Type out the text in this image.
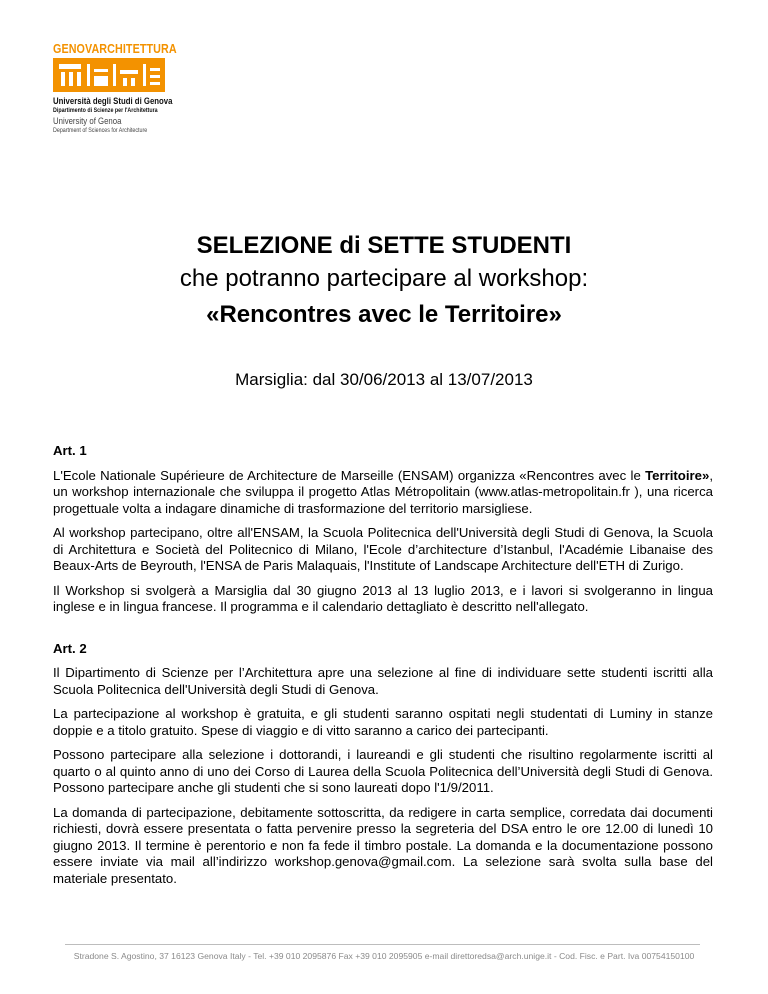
GENOVARCHITETTURA
Università degli Studi di Genova
Dipartimento di Scienze per l'Architettura
University of Genoa
Department of Sciences for Architecture
SELEZIONE di SETTE STUDENTI
che potranno partecipare al workshop:
«Rencontres avec le Territoire»
Marsiglia: dal 30/06/2013 al 13/07/2013
Art. 1

L'Ecole Nationale Supérieure de Architecture de Marseille (ENSAM) organizza «Rencontres avec le Territoire», un workshop internazionale che sviluppa il progetto Atlas Métropolitain (www.atlas-metropolitain.fr ), una ricerca progettuale volta a indagare dinamiche di trasformazione del territorio marsigliese.

Al workshop partecipano, oltre all'ENSAM, la Scuola Politecnica dell'Università degli Studi di Genova, la Scuola di Architettura e Società del Politecnico di Milano, l'Ecole d’architecture d’Istanbul, l'Académie Libanaise des Beaux-Arts de Beyrouth, l'ENSA de Paris Malaquais, l'Institute of Landscape Architecture dell'ETH di Zurigo.

Il Workshop si svolgerà a Marsiglia dal 30 giugno 2013 al 13 luglio 2013, e i lavori si svolgeranno in lingua inglese e in lingua francese. Il programma e il calendario dettagliato è descritto nell'allegato.

Art. 2

Il Dipartimento di Scienze per l’Architettura apre una selezione al fine di individuare sette studenti iscritti alla Scuola Politecnica dell'Università degli Studi di Genova.

La partecipazione al workshop è gratuita, e gli studenti saranno ospitati negli studentati di Luminy in stanze doppie e a titolo gratuito. Spese di viaggio e di vitto saranno a carico dei partecipanti.

Possono partecipare alla selezione i dottorandi, i laureandi e gli studenti che risultino regolarmente iscritti al quarto o al quinto anno di uno dei Corso di Laurea della Scuola Politecnica dell’Università degli Studi di Genova. Possono partecipare anche gli studenti che si sono laureati dopo l'1/9/2011.

La domanda di partecipazione, debitamente sottoscritta, da redigere in carta semplice, corredata dai documenti richiesti, dovrà essere presentata o fatta pervenire presso la segreteria del DSA entro le ore 12.00 di lunedì 10 giugno 2013. Il termine è perentorio e non fa fede il timbro postale. La domanda e la documentazione possono essere inviate via mail all’indirizzo workshop.genova@gmail.com. La selezione sarà svolta sulla base del materiale presentato.

Stradone S. Agostino, 37 16123 Genova Italy - Tel. +39 010 2095876 Fax +39 010 2095905 e-mail direttoredsa@arch.unige.it - Cod. Fisc. e Part. Iva 00754150100
